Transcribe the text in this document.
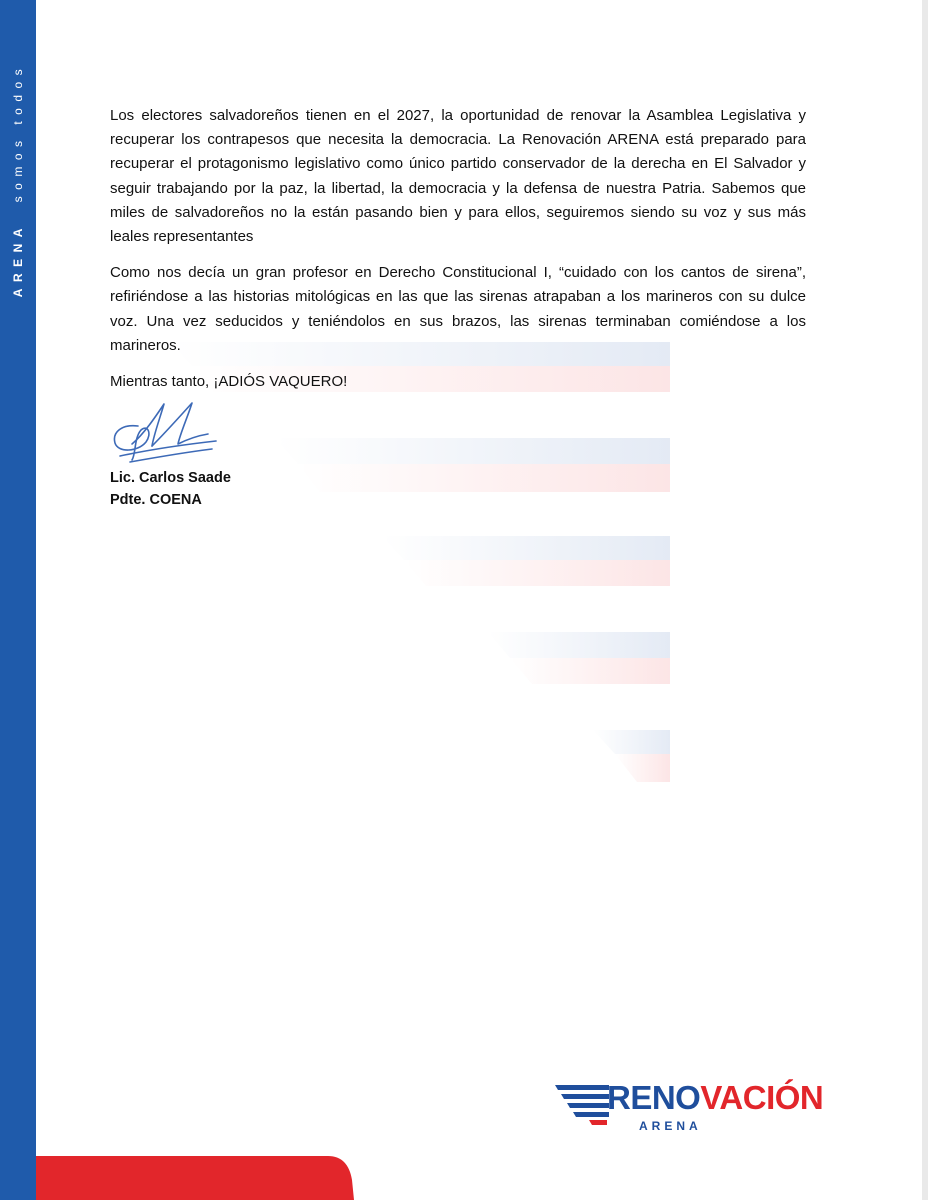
ARENA  somos todos	Los electores salvadoreños tienen en el 2027, la oportunidad de renovar la Asamblea Legislativa y recuperar los contrapesos que necesita la democracia. La Renovación ARENA está preparado para recuperar el protagonismo legislativo como único partido conservador de la derecha en El Salvador y seguir trabajando por la paz, la libertad, la democracia y la defensa de nuestra Patria. Sabemos que miles de salvadoreños no la están pasando bien y para ellos, seguiremos siendo su voz y sus más leales representantes

Como nos decía un gran profesor en Derecho Constitucional I, “cuidado con los cantos de sirena”, refiriéndose a las historias mitológicas en las que las sirenas atrapaban a los marineros con su dulce voz. Una vez seducidos y teniéndolos en sus brazos, las sirenas terminaban comiéndose a los marineros.

Mientras tanto, ¡ADIÓS VAQUERO!

Lic. Carlos Saade
Pdte. COENA
RENOVACIÓN
ARENA
